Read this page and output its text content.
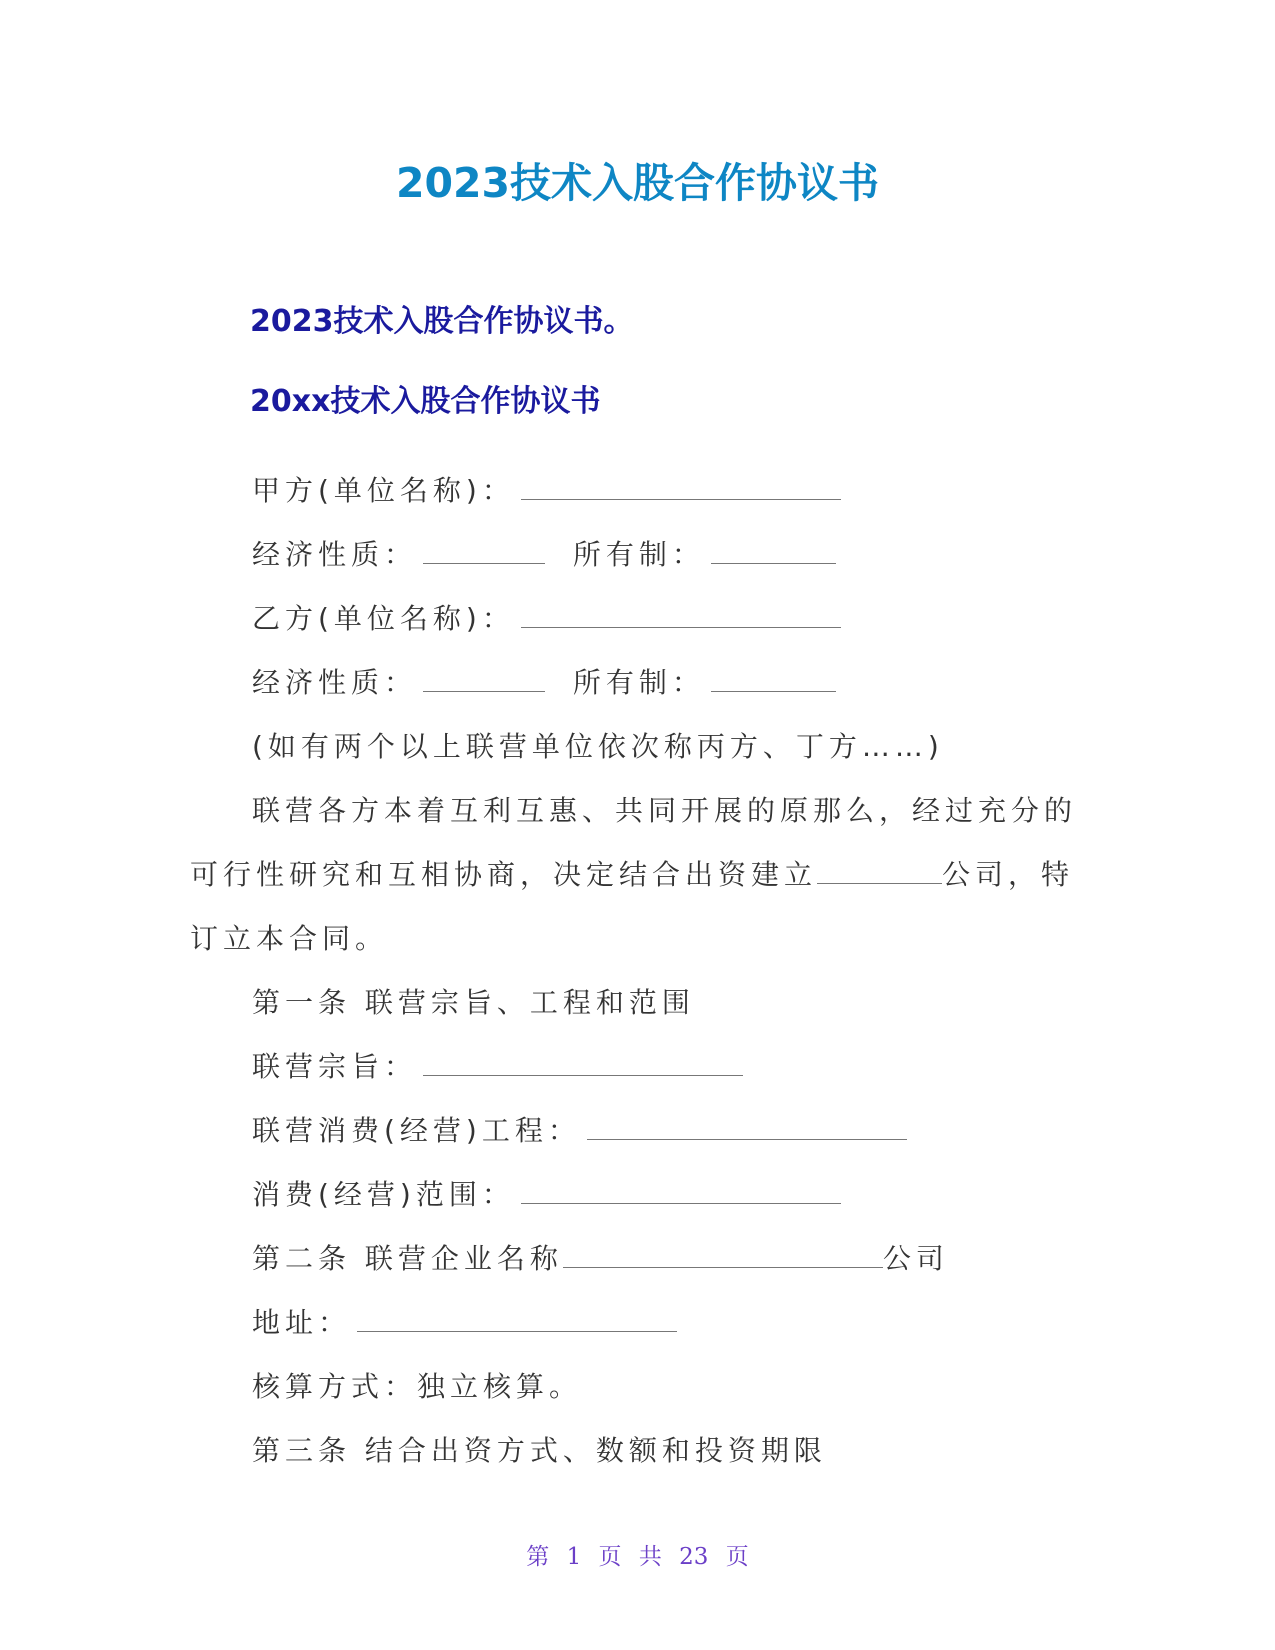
2023技术入股合作协议书
2023技术入股合作协议书。
20xx技术入股合作协议书
甲方(单位名称)：
经济性质：	所有制：
乙方(单位名称)：
经济性质：	所有制：
(如有两个以上联营单位依次称丙方、丁方……)
联营各方本着互利互惠、共同开展的原那么，经过充分的
可行性研究和互相协商，决定结合出资建立	公司，特
订立本合同。
第一条 联营宗旨、工程和范围
联营宗旨：
联营消费(经营)工程：
消费(经营)范围：
第二条 联营企业名称	公司
地址：
核算方式：独立核算。
第三条 结合出资方式、数额和投资期限
第 1 页 共 23 页
